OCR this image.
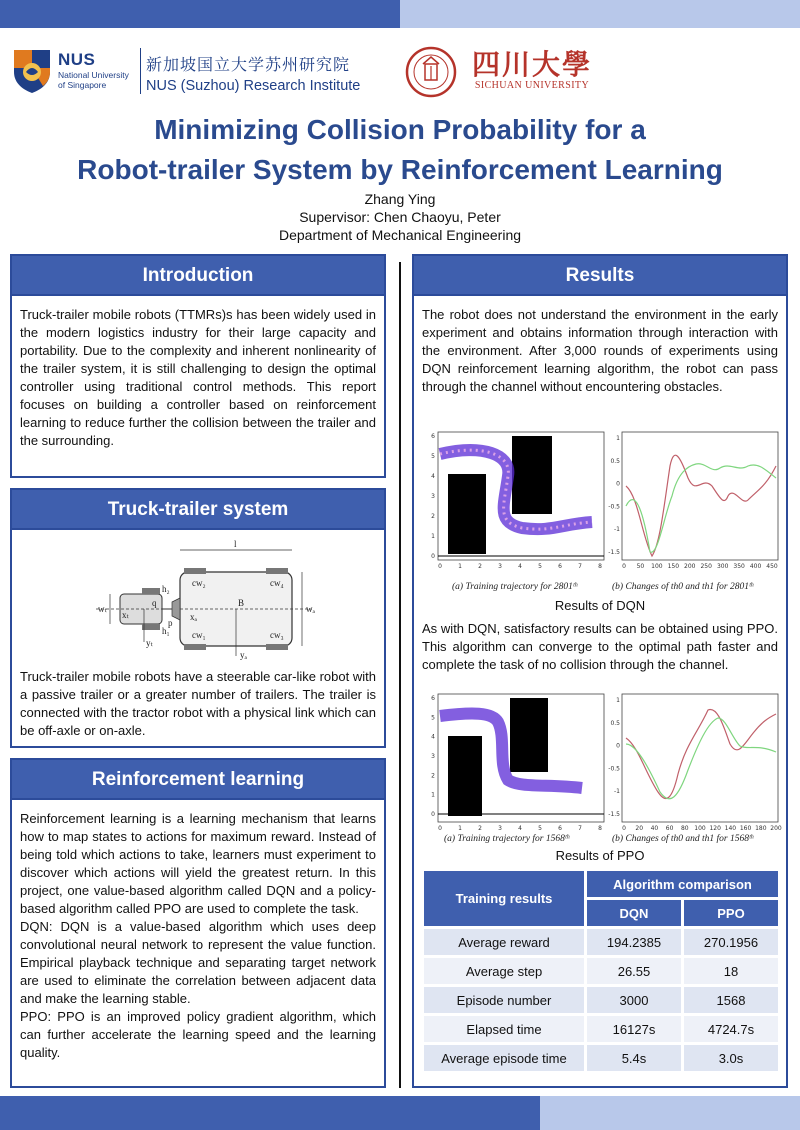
NUS
National University
of Singapore
新加坡国立大学苏州研究院
NUS (Suzhou) Research Institute
四川大學
SICHUAN UNIVERSITY
Minimizing Collision Probability for a
Robot-trailer System by Reinforcement Learning
Zhang Ying
Supervisor: Chen Chaoyu, Peter
Department of Mechanical Engineering
Introduction
Truck-trailer mobile robots (TTMRs)s has been widely used in the modern logistics industry for their large capacity and portability. Due to the complexity and inherent nonlinearity of the trailer system, it is still challenging to design the optimal controller using traditional control methods. This report focuses on building a controller based on reinforcement learning to reduce further the collision between the trailer and the surrounding.
Truck-trailer system
l
cw₂	cw₄
cw₁	cw₃
B
xₐ
yₐ
wₐ
p
h₂
h₁
q
wₜ
xₜ
yₜ
Truck-trailer mobile robots have a steerable car-like robot with a passive trailer or a greater number of trailers. The trailer is connected with the tractor robot with a physical link which can be off-axle or on-axle.
Reinforcement learning
Reinforcement learning is a learning mechanism that learns how to map states to actions for maximum reward. Instead of being told which actions to take, learners must experiment to discover which actions will yield the greatest return. In this project, one value-based algorithm called DQN and a policy-based algorithm called PPO are used to complete the task.
DQN: DQN is a value-based algorithm which uses deep convolutional neural network to represent the value function. Empirical playback technique and separating target network are used to eliminate the correlation between adjacent data and make the learning stable.
PPO: PPO is an improved policy gradient algorithm, which can further accelerate the learning speed and the learning quality.
Results
The robot does not understand the environment in the early experiment and obtains information through interaction with the environment. After 3,000 rounds of experiments using DQN reinforcement learning algorithm, the robot can pass through the channel without encountering obstacles.
6
5
4
3
2
1
0
0	1	2	3	4	5	6	7	8
1
0.5
0
-0.5
-1
-1.5
0 50 100 150 200 250 300 350 400 450
(a) Training trajectory for 2801ᵗʰ	(b) Changes of th0 and th1 for 2801ᵗʰ
Results of DQN
As with DQN, satisfactory results can be obtained using PPO. This algorithm can converge to the optimal path faster and complete the task of no collision through the channel.
6
5
4
3
2
1
0
0	1	2	3	4	5	6	7	8
1
0.5
0
-0.5
-1
-1.5
0 20 40 60 80 100 120 140 160 180 200
(a) Training trajectory for 1568ᵗʰ	(b) Changes of th0 and th1 for 1568ᵗʰ
Results of PPO
Training results	Algorithm comparison	
	DQN	PPO
Average reward	194.2385	270.1956
Average step	26.55	18
Episode number	3000	1568
Elapsed time	16127s	4724.7s
Average episode time	5.4s	3.0s
